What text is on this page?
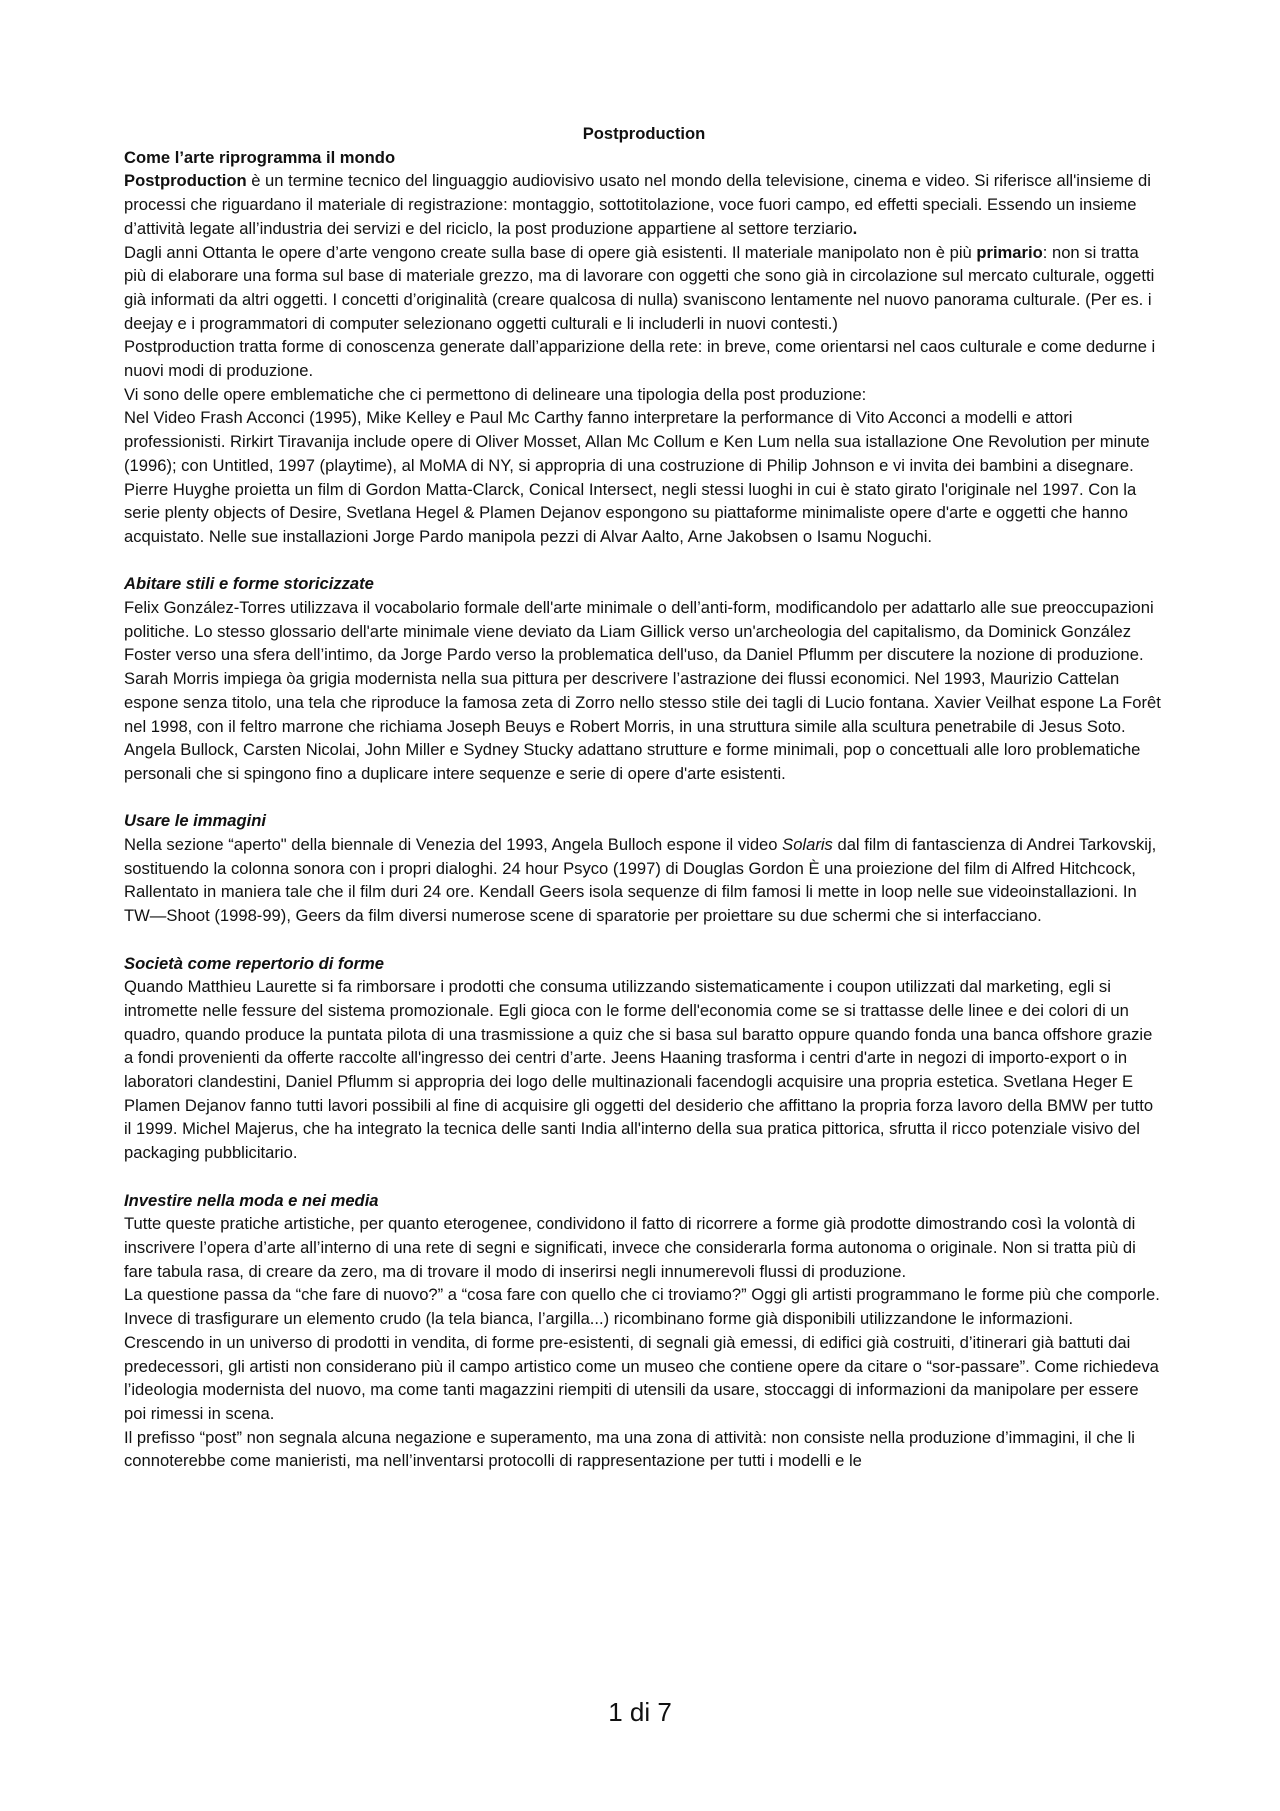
Postproduction

Come l’arte riprogramma il mondo

Postproduction è un termine tecnico del linguaggio audiovisivo usato nel mondo della televisione, cinema e video. Si riferisce all'insieme di processi che riguardano il materiale di registrazione: montaggio, sottotitolazione, voce fuori campo, ed effetti speciali. Essendo un insieme d’attività legate all’industria dei servizi e del riciclo, la post produzione appartiene al settore terziario.

Dagli anni Ottanta le opere d’arte vengono create sulla base di opere già esistenti. Il materiale manipolato non è più primario: non si tratta più di elaborare una forma sul base di materiale grezzo, ma di lavorare con oggetti che sono già in circolazione sul mercato culturale, oggetti già informati da altri oggetti. I concetti d’originalità (creare qualcosa di nulla) svaniscono lentamente nel nuovo panorama culturale. (Per es. i deejay e i programmatori di computer selezionano oggetti culturali e li includerli in nuovi contesti.)

Postproduction tratta forme di conoscenza generate dall’apparizione della rete: in breve, come orientarsi nel caos culturale e come dedurne i nuovi modi di produzione.

Vi sono delle opere emblematiche che ci permettono di delineare una tipologia della post produzione:

Nel Video Frash Acconci (1995), Mike Kelley e Paul Mc Carthy fanno interpretare la performance di Vito Acconci a modelli e attori professionisti. Rirkirt Tiravanija include opere di Oliver Mosset, Allan Mc Collum e Ken Lum nella sua istallazione One Revolution per minute (1996); con Untitled, 1997 (playtime), al MoMA di NY, si appropria di una costruzione di Philip Johnson e vi invita dei bambini a disegnare. Pierre Huyghe proietta un film di Gordon Matta-Clarck, Conical Intersect, negli stessi luoghi in cui è stato girato l'originale nel 1997. Con la serie plenty objects of Desire, Svetlana Hegel & Plamen Dejanov espongono su piattaforme minimaliste opere d'arte e oggetti che hanno acquistato. Nelle sue installazioni Jorge Pardo manipola pezzi di Alvar Aalto, Arne Jakobsen o Isamu Noguchi.

Abitare stili e forme storicizzate

Felix González-Torres utilizzava il vocabolario formale dell'arte minimale o dell’anti-form, modificandolo per adattarlo alle sue preoccupazioni politiche. Lo stesso glossario dell'arte minimale viene deviato da Liam Gillick verso un'archeologia del capitalismo, da Dominick González Foster verso una sfera dell’intimo, da Jorge Pardo verso la problematica dell'uso, da Daniel Pflumm per discutere la nozione di produzione. Sarah Morris impiega òa grigia modernista nella sua pittura per descrivere l’astrazione dei flussi economici. Nel 1993, Maurizio Cattelan espone senza titolo, una tela che riproduce la famosa zeta di Zorro nello stesso stile dei tagli di Lucio fontana. Xavier Veilhat espone La Forêt nel 1998, con il feltro marrone che richiama Joseph Beuys e Robert Morris, in una struttura simile alla scultura penetrabile di Jesus Soto. Angela Bullock, Carsten Nicolai, John Miller e Sydney Stucky adattano strutture e forme minimali, pop o concettuali alle loro problematiche personali che si spingono fino a duplicare intere sequenze e serie di opere d'arte esistenti.

Usare le immagini

Nella sezione “aperto" della biennale di Venezia del 1993, Angela Bulloch espone il video Solaris dal film di fantascienza di Andrei Tarkovskij, sostituendo la colonna sonora con i propri dialoghi. 24 hour Psyco (1997) di Douglas Gordon È una proiezione del film di Alfred Hitchcock, Rallentato in maniera tale che il film duri 24 ore. Kendall Geers isola sequenze di film famosi li mette in loop nelle sue videoinstallazioni. In TW—Shoot (1998-99), Geers da film diversi numerose scene di sparatorie per proiettare su due schermi che si interfacciano.

Società come repertorio di forme

Quando Matthieu Laurette si fa rimborsare i prodotti che consuma utilizzando sistematicamente i coupon utilizzati dal marketing, egli si intromette nelle fessure del sistema promozionale. Egli gioca con le forme dell'economia come se si trattasse delle linee e dei colori di un quadro, quando produce la puntata pilota di una trasmissione a quiz che si basa sul baratto oppure quando fonda una banca offshore grazie a fondi provenienti da offerte raccolte all'ingresso dei centri d’arte. Jeens Haaning trasforma i centri d'arte in negozi di importo-export o in laboratori clandestini, Daniel Pflumm si appropria dei logo delle multinazionali facendogli acquisire una propria estetica. Svetlana Heger E Plamen Dejanov fanno tutti lavori possibili al fine di acquisire gli oggetti del desiderio che affittano la propria forza lavoro della BMW per tutto il 1999. Michel Majerus, che ha integrato la tecnica delle santi India all'interno della sua pratica pittorica, sfrutta il ricco potenziale visivo del packaging pubblicitario.

Investire nella moda e nei media

Tutte queste pratiche artistiche, per quanto eterogenee, condividono il fatto di ricorrere a forme già prodotte dimostrando così la volontà di inscrivere l’opera d’arte all’interno di una rete di segni e significati, invece che considerarla forma autonoma o originale. Non si tratta più di fare tabula rasa, di creare da zero, ma di trovare il modo di inserirsi negli innumerevoli flussi di produzione.

La questione passa da “che fare di nuovo?” a “cosa fare con quello che ci troviamo?” Oggi gli artisti programmano le forme più che comporle. Invece di trasfigurare un elemento crudo (la tela bianca, l’argilla...) ricombinano forme già disponibili utilizzandone le informazioni.

Crescendo in un universo di prodotti in vendita, di forme pre-esistenti, di segnali già emessi, di edifici già costruiti, d’itinerari già battuti dai predecessori, gli artisti non considerano più il campo artistico come un museo che contiene opere da citare o “sor-passare”. Come richiedeva l’ideologia modernista del nuovo, ma come tanti magazzini riempiti di utensili da usare, stoccaggi di informazioni da manipolare per essere poi rimessi in scena.

Il prefisso “post” non segnala alcuna negazione e superamento, ma una zona di attività: non consiste nella produzione d’immagini, il che li connoterebbe come manieristi, ma nell’inventarsi protocolli di rappresentazione per tutti i modelli e le

1 di 7
